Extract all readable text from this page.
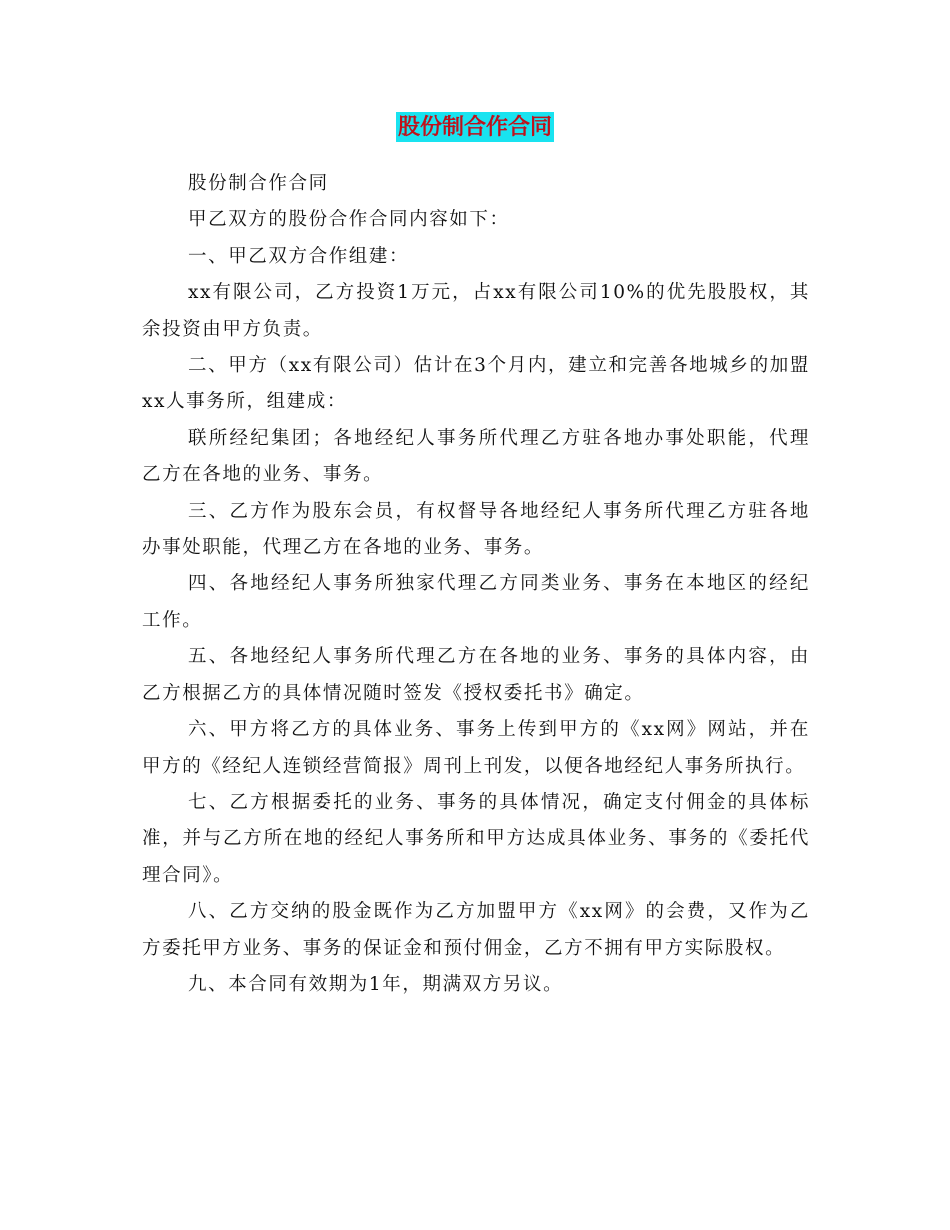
股份制合作合同

股份制合作合同

甲乙双方的股份合作合同内容如下：

一、甲乙双方合作组建：

xx有限公司，乙方投资1万元，占xx有限公司10%的优先股股权，其余投资由甲方负责。

二、甲方（xx有限公司）估计在3个月内，建立和完善各地城乡的加盟xx人事务所，组建成：

联所经纪集团；各地经纪人事务所代理乙方驻各地办事处职能，代理乙方在各地的业务、事务。

三、乙方作为股东会员，有权督导各地经纪人事务所代理乙方驻各地办事处职能，代理乙方在各地的业务、事务。

四、各地经纪人事务所独家代理乙方同类业务、事务在本地区的经纪工作。

五、各地经纪人事务所代理乙方在各地的业务、事务的具体内容，由乙方根据乙方的具体情况随时签发《授权委托书》确定。

六、甲方将乙方的具体业务、事务上传到甲方的《xx网》网站，并在甲方的《经纪人连锁经营简报》周刊上刊发，以便各地经纪人事务所执行。

七、乙方根据委托的业务、事务的具体情况，确定支付佣金的具体标准，并与乙方所在地的经纪人事务所和甲方达成具体业务、事务的《委托代理合同》。

八、乙方交纳的股金既作为乙方加盟甲方《xx网》的会费，又作为乙方委托甲方业务、事务的保证金和预付佣金，乙方不拥有甲方实际股权。

九、本合同有效期为1年，期满双方另议。
